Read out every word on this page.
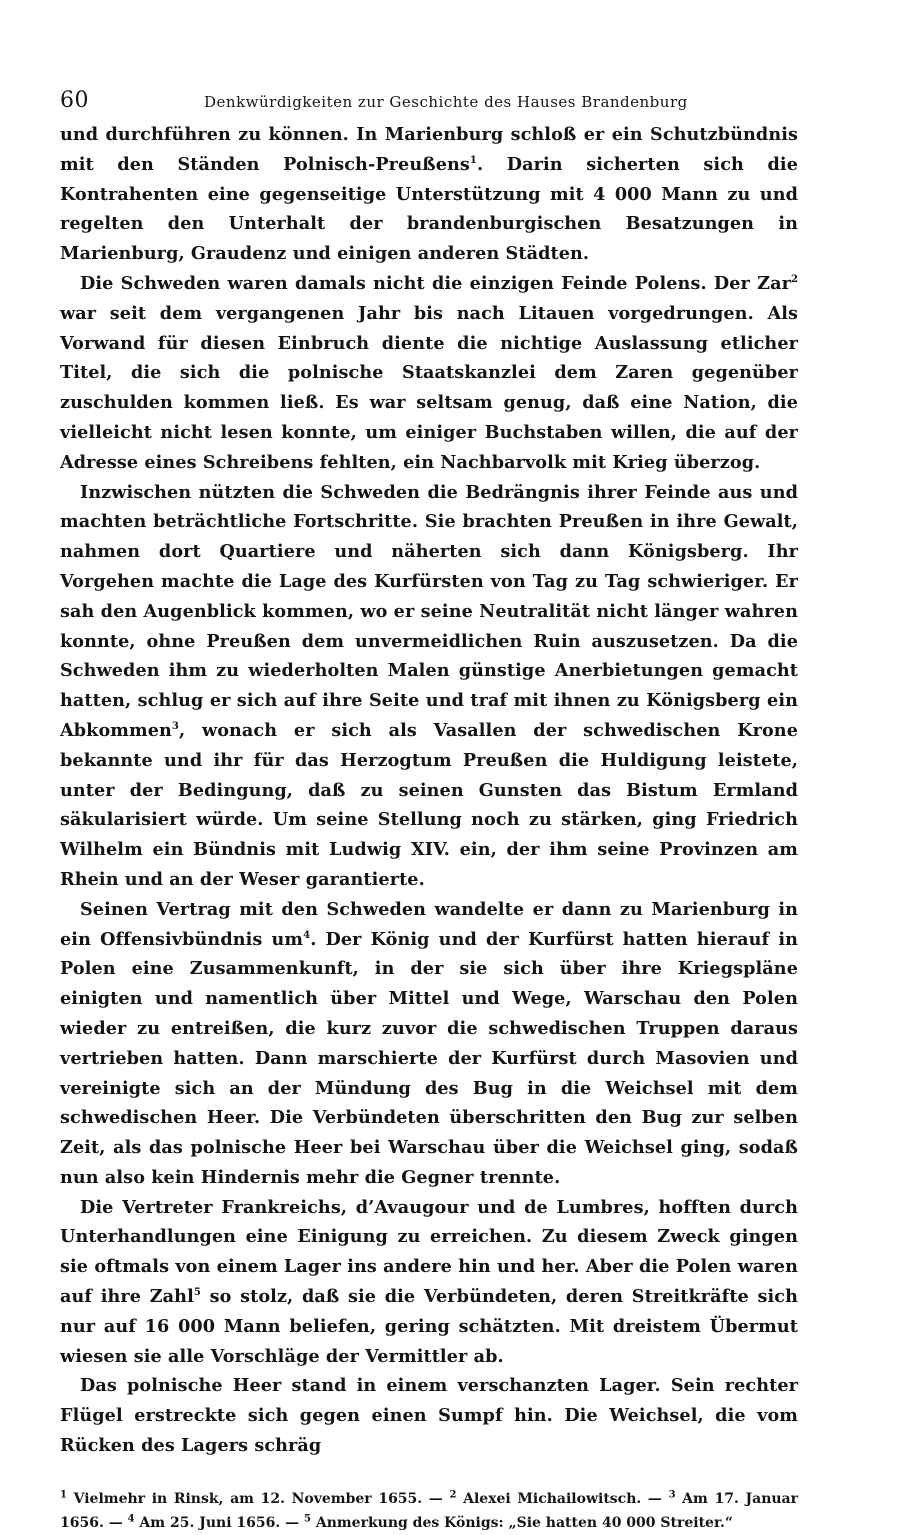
60	Denkwürdigkeiten zur Geschichte des Hauses Brandenburg

und durchführen zu können. In Marienburg schloß er ein Schutzbündnis mit den Ständen Polnisch-Preußens$^1$. Darin sicherten sich die Kontrahenten eine gegenseitige Unterstützung mit 4 000 Mann zu und regelten den Unterhalt der brandenburgischen Besatzungen in Marienburg, Graudenz und einigen anderen Städten.

Die Schweden waren damals nicht die einzigen Feinde Polens. Der Zar$^2$ war seit dem vergangenen Jahr bis nach Litauen vorgedrungen. Als Vorwand für diesen Einbruch diente die nichtige Auslassung etlicher Titel, die sich die polnische Staatskanzlei dem Zaren gegenüber zuschulden kommen ließ. Es war seltsam genug, daß eine Nation, die vielleicht nicht lesen konnte, um einiger Buchstaben willen, die auf der Adresse eines Schreibens fehlten, ein Nachbarvolk mit Krieg überzog.

Inzwischen nützten die Schweden die Bedrängnis ihrer Feinde aus und machten beträchtliche Fortschritte. Sie brachten Preußen in ihre Gewalt, nahmen dort Quartiere und näherten sich dann Königsberg. Ihr Vorgehen machte die Lage des Kurfürsten von Tag zu Tag schwieriger. Er sah den Augenblick kommen, wo er seine Neutralität nicht länger wahren konnte, ohne Preußen dem unvermeidlichen Ruin auszusetzen. Da die Schweden ihm zu wiederholten Malen günstige Anerbietungen gemacht hatten, schlug er sich auf ihre Seite und traf mit ihnen zu Königsberg ein Abkommen$^3$, wonach er sich als Vasallen der schwedischen Krone bekannte und ihr für das Herzogtum Preußen die Huldigung leistete, unter der Bedingung, daß zu seinen Gunsten das Bistum Ermland säkularisiert würde. Um seine Stellung noch zu stärken, ging Friedrich Wilhelm ein Bündnis mit Ludwig XIV. ein, der ihm seine Provinzen am Rhein und an der Weser garantierte.

Seinen Vertrag mit den Schweden wandelte er dann zu Marienburg in ein Offensivbündnis $um^4$. Der König und der Kurfürst hatten hierauf in Polen eine Zusammenkunft, in der sie sich über ihre Kriegspläne einigten und namentlich über Mittel und Wege, Warschau den Polen wieder zu entreißen, die kurz zuvor die schwedischen Truppen daraus vertrieben hatten. Dann marschierte der Kurfürst durch Masovien und vereinigte sich an der Mündung des Bug in die Weichsel mit dem schwedischen Heer. Die Verbündeten überschritten den Bug zur selben Zeit, als das polnische Heer bei Warschau über die Weichsel ging, sodaß nun also kein Hindernis mehr die Gegner trennte.

Die Vertreter Frankreichs, d’Avaugour und de Lumbres, hofften durch Unterhandlungen eine Einigung zu erreichen. Zu diesem Zweck gingen sie oftmals von einem Lager ins andere hin und her. Aber die Polen waren auf ihre Zahl$^5$ so stolz, daß sie die Verbündeten, deren Streitkräfte sich nur auf 16 000 Mann beliefen, gering schätzten. Mit dreistem Übermut wiesen sie alle Vorschläge der Vermittler ab.

Das polnische Heer stand in einem verschanzten Lager. Sein rechter Flügel erstreckte sich gegen einen Sumpf hin. Die Weichsel, die vom Rücken des Lagers schräg

$^1$ Vielmehr in Rinsk, am 12. November 1655. — $^2$ Alexei Michailowitsch. — $^3$ Am 17. Januar 1656. — $^4$ Am 25. Juni 1656. — $^5$ Anmerkung des Königs: „Sie hatten 40 000 Streiter.“
